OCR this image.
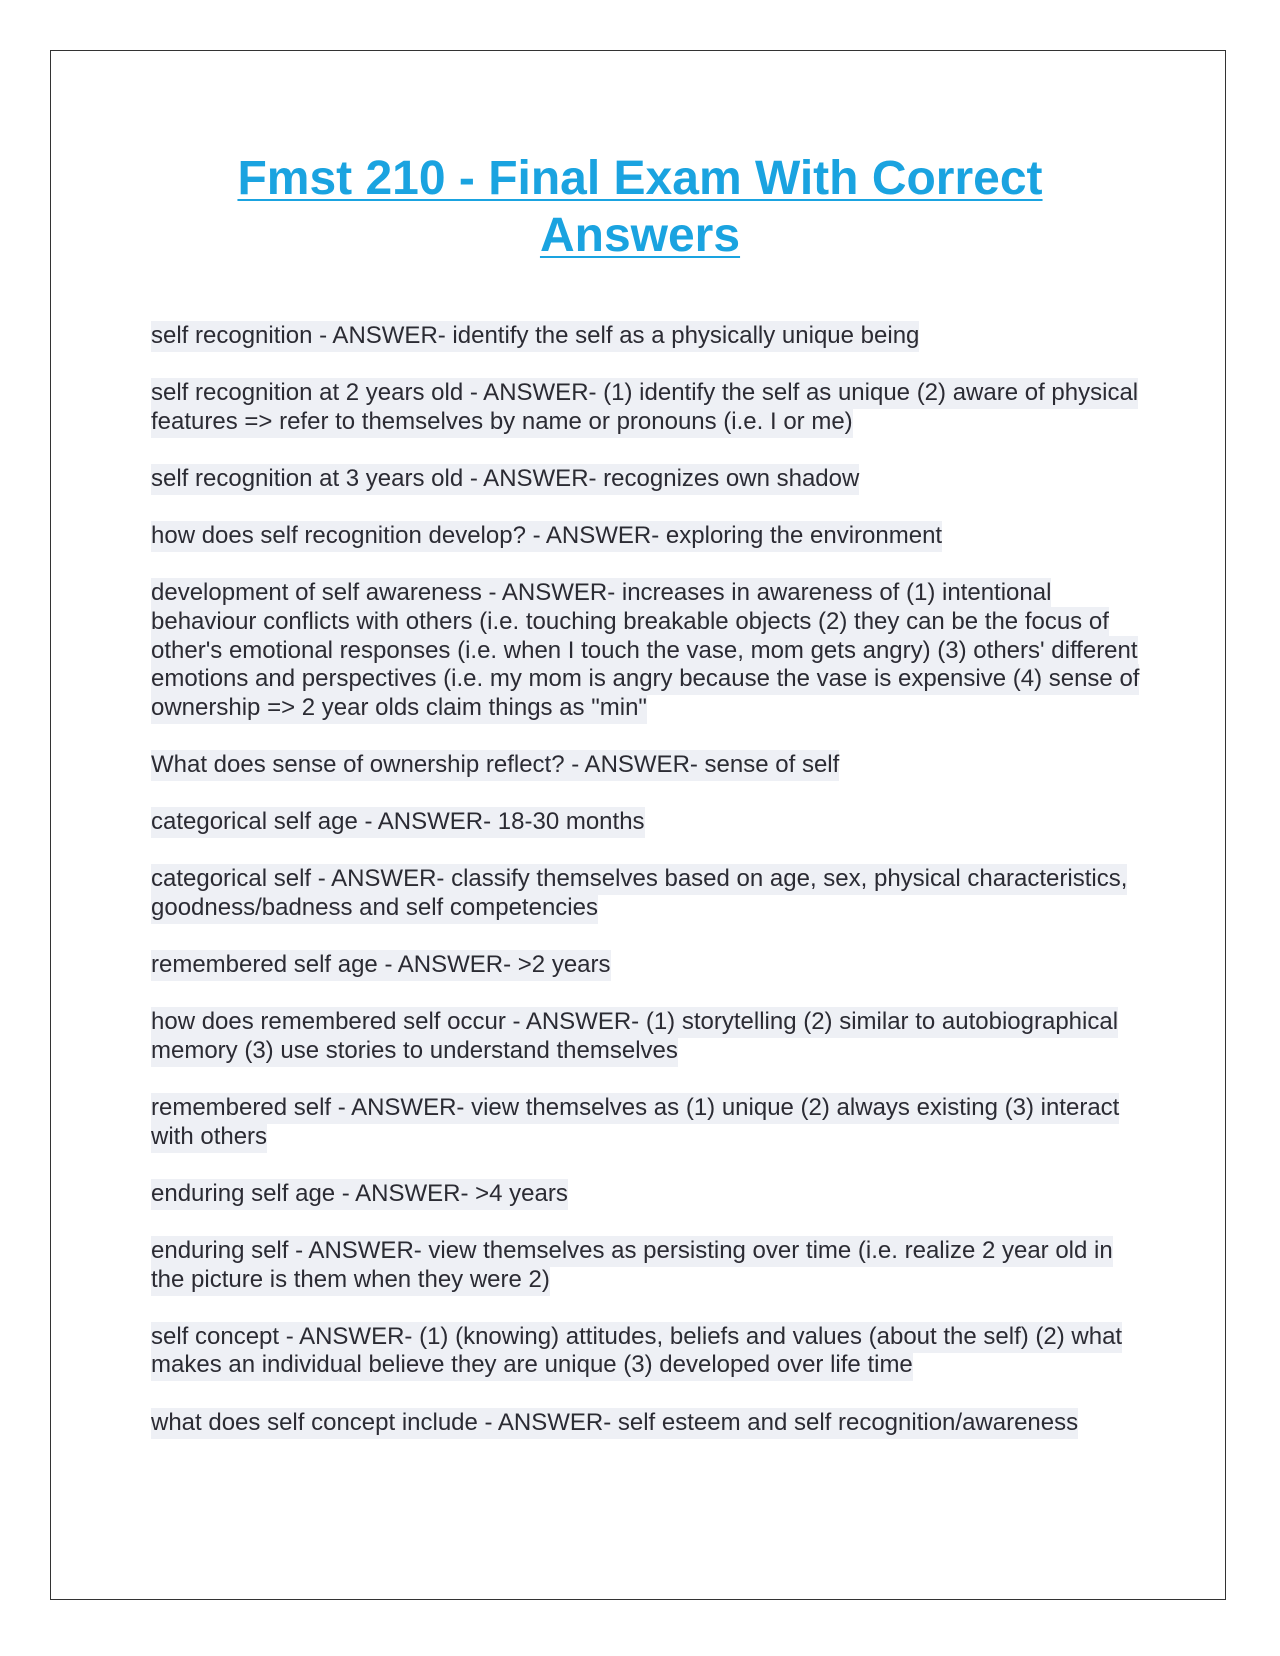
Fmst 210 - Final Exam With Correct Answers
self recognition - ANSWER- identify the self as a physically unique being
self recognition at 2 years old - ANSWER- (1) identify the self as unique (2) aware of physical features => refer to themselves by name or pronouns (i.e. I or me)
self recognition at 3 years old - ANSWER- recognizes own shadow
how does self recognition develop? - ANSWER- exploring the environment
development of self awareness - ANSWER- increases in awareness of (1) intentional behaviour conflicts with others (i.e. touching breakable objects (2) they can be the focus of other's emotional responses (i.e. when I touch the vase, mom gets angry) (3) others' different emotions and perspectives (i.e. my mom is angry because the vase is expensive (4) sense of ownership => 2 year olds claim things as "min"
What does sense of ownership reflect? - ANSWER- sense of self
categorical self age - ANSWER- 18-30 months
categorical self - ANSWER- classify themselves based on age, sex, physical characteristics, goodness/badness and self competencies
remembered self age - ANSWER- >2 years
how does remembered self occur - ANSWER- (1) storytelling (2) similar to autobiographical memory (3) use stories to understand themselves
remembered self - ANSWER- view themselves as (1) unique (2) always existing (3) interact with others
enduring self age - ANSWER- >4 years
enduring self - ANSWER- view themselves as persisting over time (i.e. realize 2 year old in the picture is them when they were 2)
self concept - ANSWER- (1) (knowing) attitudes, beliefs and values (about the self) (2) what makes an individual believe they are unique (3) developed over life time
what does self concept include - ANSWER- self esteem and self recognition/awareness
